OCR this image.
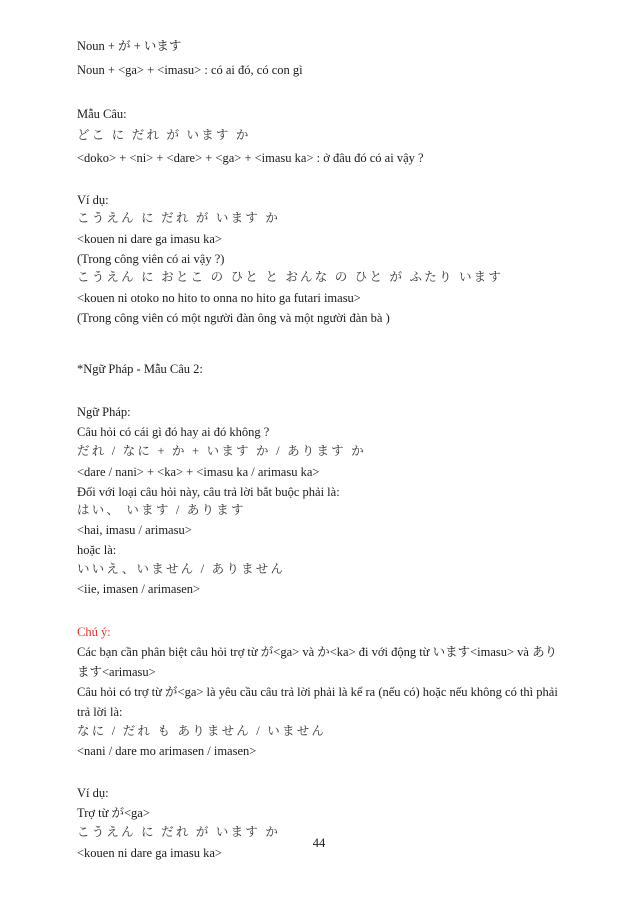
Noun + が + います
Noun + <ga> + <imasu> : có ai đó, có con gì
Mẫu Câu:
どこ に だれ が います か
<doko> + <ni> + <dare> + <ga> + <imasu ka> : ở đâu đó có ai vậy ?
Ví dụ:
こうえん に だれ が います か
<kouen ni dare ga imasu ka>
(Trong công viên có ai vậy ?)
こうえん に おとこ の ひと と おんな の ひと が ふたり います
<kouen ni otoko no hito to onna no hito ga futari imasu>
(Trong công viên có một người đàn ông và một người đàn bà )
*Ngữ Pháp - Mẫu Câu 2:
Ngữ Pháp:
Câu hỏi có cái gì đó hay ai đó không ?
だれ / なに + か + います か / あります か
<dare / nani> + <ka> + <imasu ka / arimasu ka>
Đối với loại câu hỏi này, câu trả lời bắt buộc phải là:
はい、 います / あります
<hai, imasu / arimasu>
hoặc là:
いいえ、いません / ありません
<iie, imasen / arimasen>
Chú ý:
Các bạn cần phân biệt câu hỏi trợ từ が<ga> và か<ka> đi với động từ います<imasu> và あり
ます<arimasu>
Câu hỏi có trợ từ が<ga> là yêu cầu câu trả lời phải là kể ra (nếu có) hoặc nếu không có thì phải
trả lời là:
なに / だれ も ありません / いません
<nani / dare mo arimasen / imasen>
Ví dụ:
Trợ từ が<ga>
こうえん に だれ が います か
<kouen ni dare ga imasu ka>
44
